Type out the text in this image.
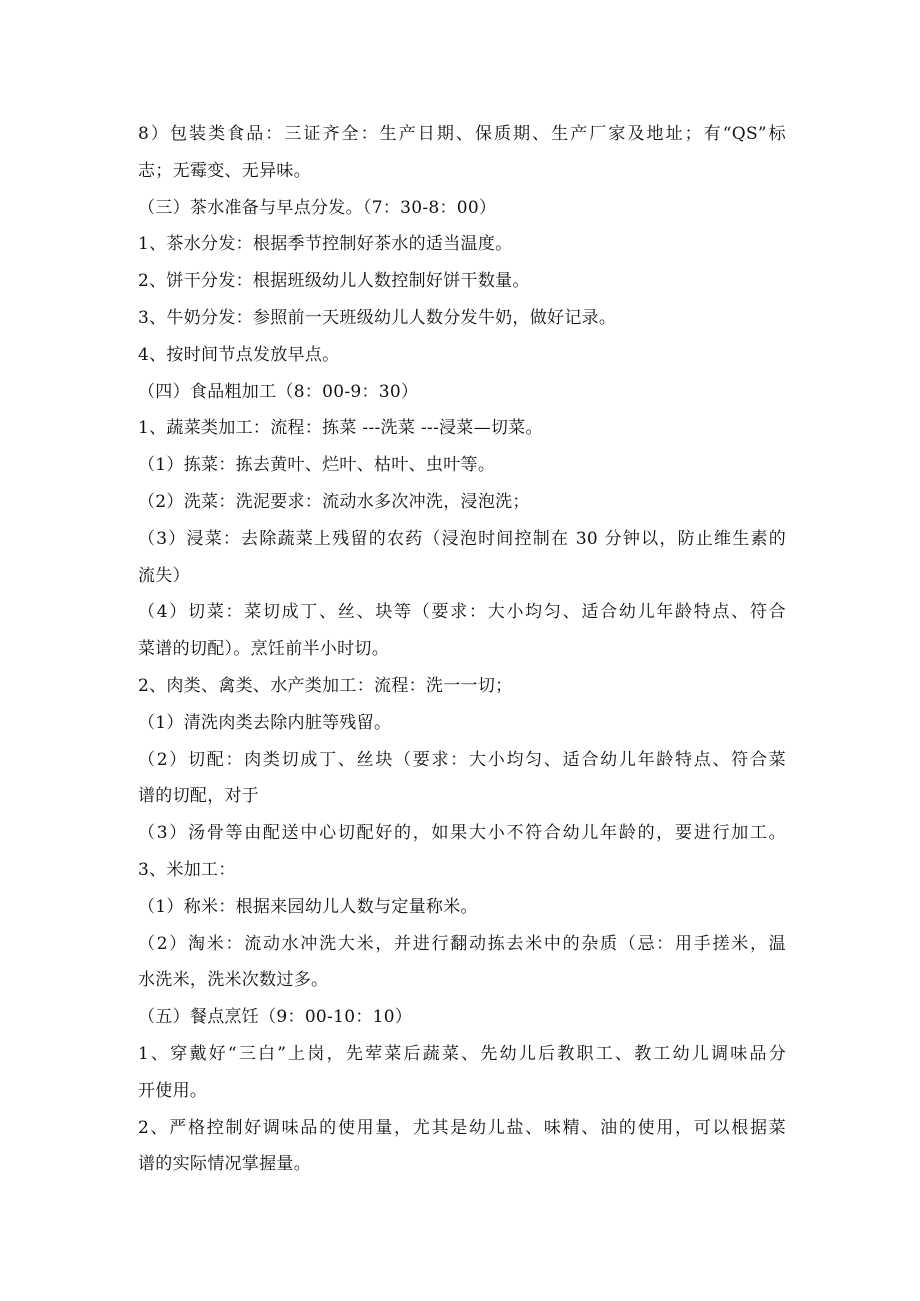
8）包装类食品：三证齐全：生产日期、保质期、生产厂家及地址；有“QS”标
志；无霉变、无异味。
（三）茶水准备与早点分发。（7：30-8：00）
1、茶水分发：根据季节控制好茶水的适当温度。
2、饼干分发：根据班级幼儿人数控制好饼干数量。
3、牛奶分发：参照前一天班级幼儿人数分发牛奶，做好记录。
4、按时间节点发放早点。
（四）食品粗加工（8：00-9：30）
1、蔬菜类加工：流程：拣菜 ---洗菜 ---浸菜—切菜。
（1）拣菜：拣去黄叶、烂叶、枯叶、虫叶等。
（2）洗菜：洗泥要求：流动水多次冲洗，浸泡洗；
（3）浸菜：去除蔬菜上残留的农药（浸泡时间控制在 30 分钟以，防止维生素的
流失）
（4）切菜：菜切成丁、丝、块等（要求：大小均匀、适合幼儿年龄特点、符合
菜谱的切配）。烹饪前半小时切。
2、肉类、禽类、水产类加工：流程：洗一一切；
（1）清洗肉类去除内脏等残留。
（2）切配：肉类切成丁、丝块（要求：大小均匀、适合幼儿年龄特点、符合菜
谱的切配，对于
（3）汤骨等由配送中心切配好的，如果大小不符合幼儿年龄的，要进行加工。
3、米加工：
（1）称米：根据来园幼儿人数与定量称米。
（2）淘米：流动水冲洗大米，并进行翻动拣去米中的杂质（忌：用手搓米，温
水洗米，洗米次数过多。
（五）餐点烹饪（9：00-10：10）
1、穿戴好“三白”上岗，先荤菜后蔬菜、先幼儿后教职工、教工幼儿调味品分
开使用。
2、严格控制好调味品的使用量，尤其是幼儿盐、味精、油的使用，可以根据菜
谱的实际情况掌握量。
